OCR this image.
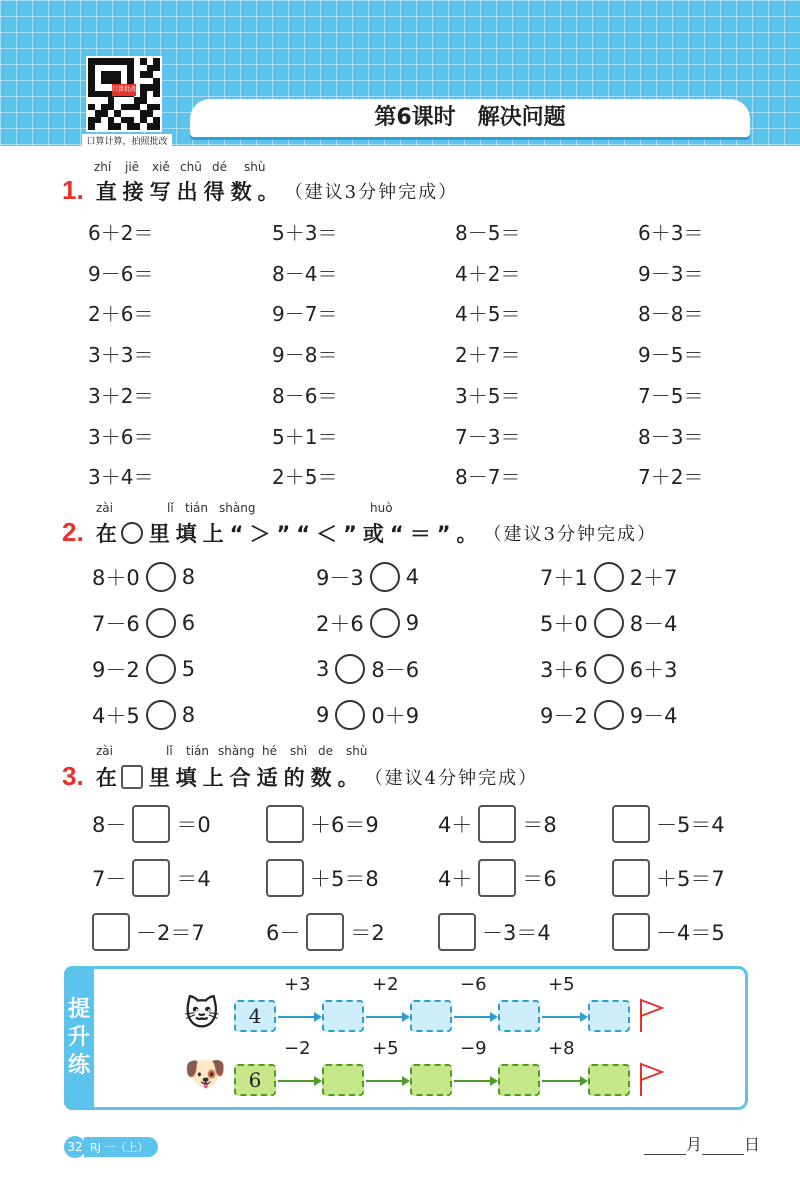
口算批改
口算计算，拍照批改
第6课时　解决问题
zhí jiē xiě chū dé shù
1. 直接写出得数。 （建议3分钟完成）
6＋2＝	5＋3＝	8－5＝	6＋3＝
9－6＝	8－4＝	4＋2＝	9－3＝
2＋6＝	9－7＝	4＋5＝	8－8＝
3＋3＝	9－8＝	2＋7＝	9－5＝
3＋2＝	8－6＝	3＋5＝	7－5＝
3＋6＝	5＋1＝	7－3＝	8－3＝
3＋4＝	2＋5＝	8－7＝	7＋2＝
zài	lǐ tián shàng	huò
2. 在 里填上“＞”“＜”或“＝”。 （建议3分钟完成）
8＋0 8	9－3 4	7＋1 2＋7
7－6 6	2＋6 9	5＋0 8－4
9－2 5	3 8－6	3＋6 6＋3
4＋5 8	9 0＋9	9－2 9－4
zài	lǐ tián shàng hé shì de shù
3. 在 里填上合适的数。 （建议4分钟完成）
8－ ＝0	＋6＝9	4＋ ＝8	－5＝4
7－ ＝4	＋5＝8	4＋ ＝6	＋5＝7
－2＝7	6－ ＝2	－3＝4	－4＝5
提
升
练
🐱
🐶
4
+3	+2	−6	+5
6
−2	+5	−9	+8
32 RJ 一（上）	月	日
